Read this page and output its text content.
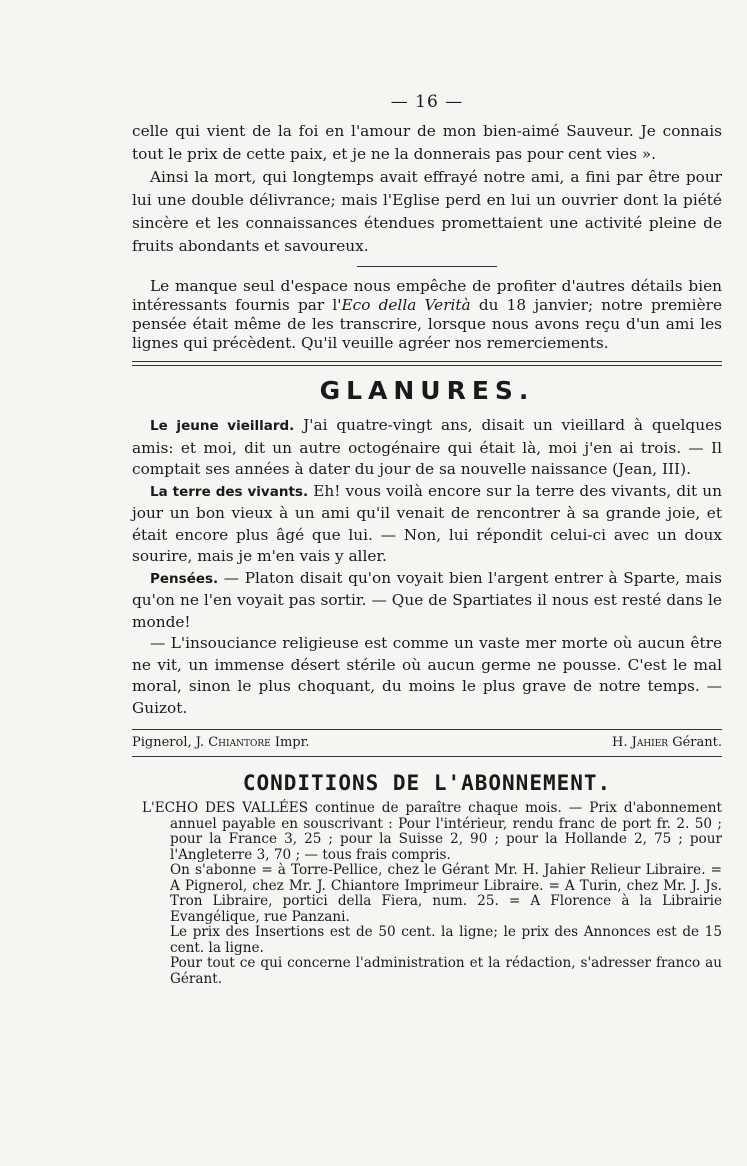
— 16 —

celle qui vient de la foi en l'amour de mon bien-aimé Sauveur. Je connais tout le prix de cette paix, et je ne la donnerais pas pour cent vies ».

Ainsi la mort, qui longtemps avait effrayé notre ami, a fini par être pour lui une double délivrance; mais l'Eglise perd en lui un ouvrier dont la piété sincère et les connaissances étendues promettaient une activité pleine de fruits abondants et savoureux.

Le manque seul d'espace nous empêche de profiter d'autres détails bien intéressants fournis par l'Eco della Verità du 18 janvier; notre première pensée était même de les transcrire, lorsque nous avons reçu d'un ami les lignes qui précèdent. Qu'il veuille agréer nos remerciements.

GLANURES.

Le jeune vieillard. J'ai quatre-vingt ans, disait un vieillard à quelques amis: et moi, dit un autre octogénaire qui était là, moi j'en ai trois. — Il comptait ses années à dater du jour de sa nouvelle naissance (Jean, III).

La terre des vivants. Eh! vous voilà encore sur la terre des vivants, dit un jour un bon vieux à un ami qu'il venait de rencontrer à sa grande joie, et était encore plus âgé que lui. — Non, lui répondit celui-ci avec un doux sourire, mais je m'en vais y aller.

Pensées. — Platon disait qu'on voyait bien l'argent entrer à Sparte, mais qu'on ne l'en voyait pas sortir. — Que de Spartiates il nous est resté dans le monde!

— L'insouciance religieuse est comme un vaste mer morte où aucun être ne vit, un immense désert stérile où aucun germe ne pousse. C'est le mal moral, sinon le plus choquant, du moins le plus grave de notre temps. — Guizot.

Pignerol, J. Chiantore Impr.	H. Jahier Gérant.
CONDITIONS DE L'ABONNEMENT.

L'ECHO DES VALLÉES continue de paraître chaque mois. — Prix d'abonnement annuel payable en souscrivant : Pour l'intérieur, rendu franc de port fr. 2. 50 ; pour la France 3, 25 ; pour la Suisse 2, 90 ; pour la Hollande 2, 75 ; pour l'Angleterre 3, 70 ; — tous frais compris.

On s'abonne = à Torre-Pellice, chez le Gérant Mr. H. Jahier Relieur Libraire. = A Pignerol, chez Mr. J. Chiantore Imprimeur Libraire. = A Turin, chez Mr. J. Js. Tron Libraire, portici della Fiera, num. 25. = A Florence à la Librairie Evangélique, rue Panzani.

Le prix des Insertions est de 50 cent. la ligne; le prix des Annonces est de 15 cent. la ligne.

Pour tout ce qui concerne l'administration et la rédaction, s'adresser franco au Gérant.
